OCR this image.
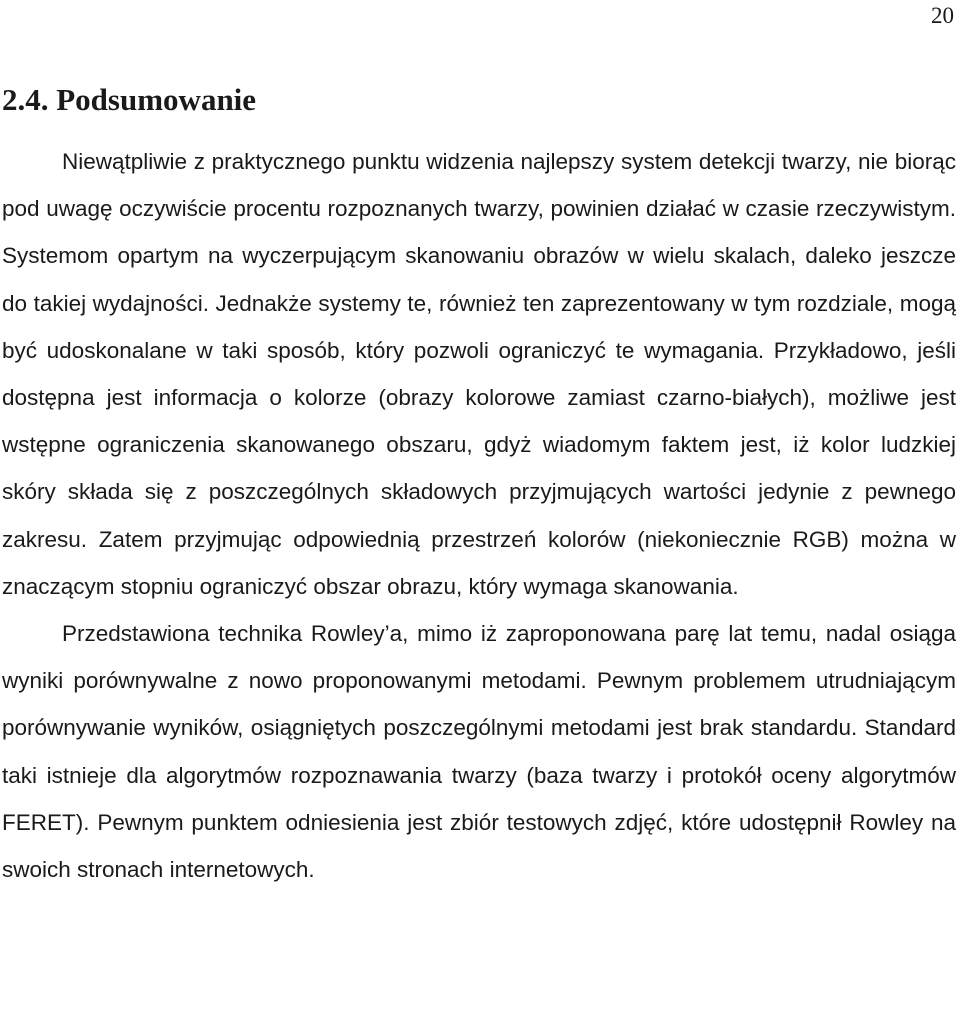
20
2.4. Podsumowanie

Niewątpliwie z praktycznego punktu widzenia najlepszy system detekcji twarzy, nie biorąc pod uwagę oczywiście procentu rozpoznanych twarzy, powinien działać w czasie rzeczywistym. Systemom opartym na wyczerpującym skanowaniu obrazów w wielu skalach, daleko jeszcze do takiej wydajności. Jednakże systemy te, również ten zaprezentowany w tym rozdziale, mogą być udoskonalane w taki sposób, który pozwoli ograniczyć te wymagania. Przykładowo, jeśli dostępna jest informacja o kolorze (obrazy kolorowe zamiast czarno-białych), możliwe jest wstępne ograniczenia skanowanego obszaru, gdyż wiadomym faktem jest, iż kolor ludzkiej skóry składa się z poszczególnych składowych przyjmujących wartości jedynie z pewnego zakresu. Zatem przyjmując odpowiednią przestrzeń kolorów (niekoniecznie RGB) można w znaczącym stopniu ograniczyć obszar obrazu, który wymaga skanowania.

Przedstawiona technika Rowley’a, mimo iż zaproponowana parę lat temu, nadal osiąga wyniki porównywalne z nowo proponowanymi metodami. Pewnym problemem utrudniającym porównywanie wyników, osiągniętych poszczególnymi metodami jest brak standardu. Standard taki istnieje dla algorytmów rozpoznawania twarzy (baza twarzy i protokół oceny algorytmów FERET). Pewnym punktem odniesienia jest zbiór testowych zdjęć, które udostępnił Rowley na swoich stronach internetowych.
